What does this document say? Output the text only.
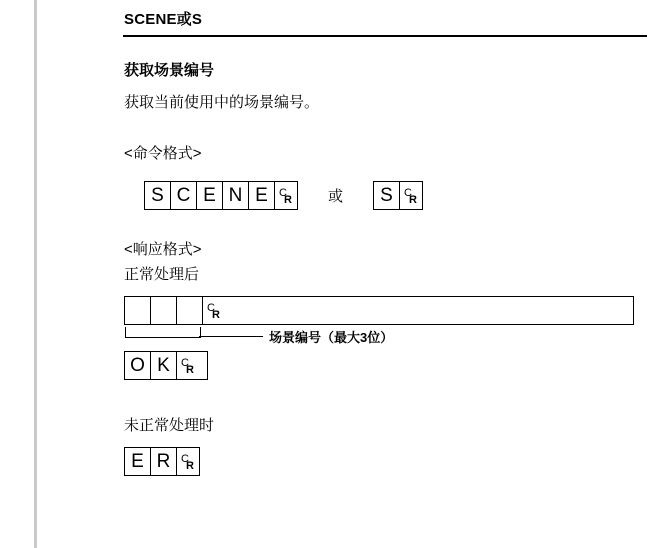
SCENE或S
获取场景编号
获取当前使用中的场景编号。
<命令格式>
S C E N E	C
R 或	S	C
R
<响应格式>
正常处理后
C
R
场景编号（最大3位）
O K	C
R
未正常处理时
E R C
R
